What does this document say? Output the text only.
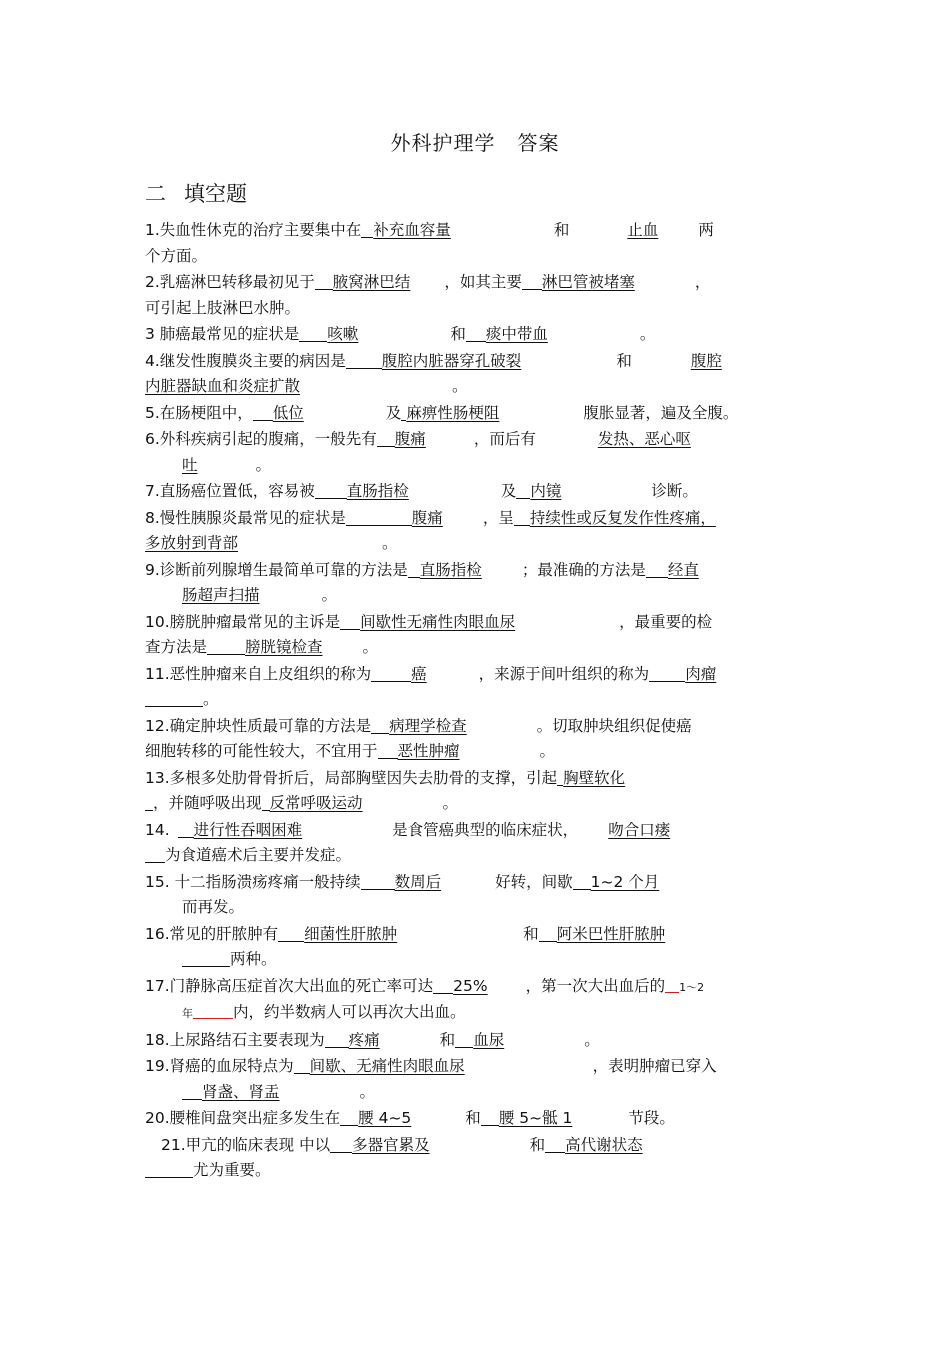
外科护理学 答案
二 填空题
1.失血性休克的治疗主要集中在 补充血容量	和	止血	两
个方面。
2.乳癌淋巴转移最初见于 腋窝淋巴结 ，如其主要 淋巴管被堵塞	，
可引起上肢淋巴水肿。
3 肺癌最常见的症状是 咳嗽	和 痰中带血	。
4.继发性腹膜炎主要的病因是 腹腔内脏器穿孔破裂	和	腹腔
内脏器缺血和炎症扩散	。
5.在肠梗阻中， 低位	及 麻痹性肠梗阻	腹胀显著，遍及全腹。
6.外科疾病引起的腹痛，一般先有 腹痛	，而后有	发热、恶心呕
吐	。
7.直肠癌位置低，容易被 直肠指检	及 内镜	诊断。
8.慢性胰腺炎最常见的症状是	腹痛	，呈 持续性或反复发作性疼痛，
多放射到背部	。
9.诊断前列腺增生最简单可靠的方法是 直肠指检	；最准确的方法是 经直
肠超声扫描	。
10.膀胱肿瘤最常见的主诉是 间歇性无痛性肉眼血尿	，最重要的检
查方法是 膀胱镜检查	。
11.恶性肿瘤来自上皮组织的称为	癌	，来源于间叶组织的称为 肉瘤
。
12.确定肿块性质最可靠的方法是 病理学检查	。切取肿块组织促使癌
细胞转移的可能性较大，不宜用于 恶性肿瘤	。
13.多根多处肋骨骨折后，局部胸壁因失去肋骨的支撑，引起 胸壁软化
，并随呼吸出现 反常呼吸运动	。
14. 进行性吞咽困难	是食管癌典型的临床症状， 吻合口瘘
为食道癌术后主要并发症。
15. 十二指肠溃疡疼痛一般持续 数周后	好转，间歇 1~2 个月
而再发。
16.常见的肝脓肿有 细菌性肝脓肿	和 阿米巴性肝脓肿
两种。
17.门静脉高压症首次大出血的死亡率可达 25% ，第一次大出血后的 1～2
年	内，约半数病人可以再次大出血。
18.上尿路结石主要表现为 疼痛	和 血尿	。
19.肾癌的血尿特点为 间歇、无痛性肉眼血尿	，表明肿瘤已穿入
肾盏、肾盂	。
20.腰椎间盘突出症多发生在 腰 4~5	和 腰 5~骶 1	节段。
21.甲亢的临床表现 中以 多器官累及	和 高代谢状态
尤为重要。
